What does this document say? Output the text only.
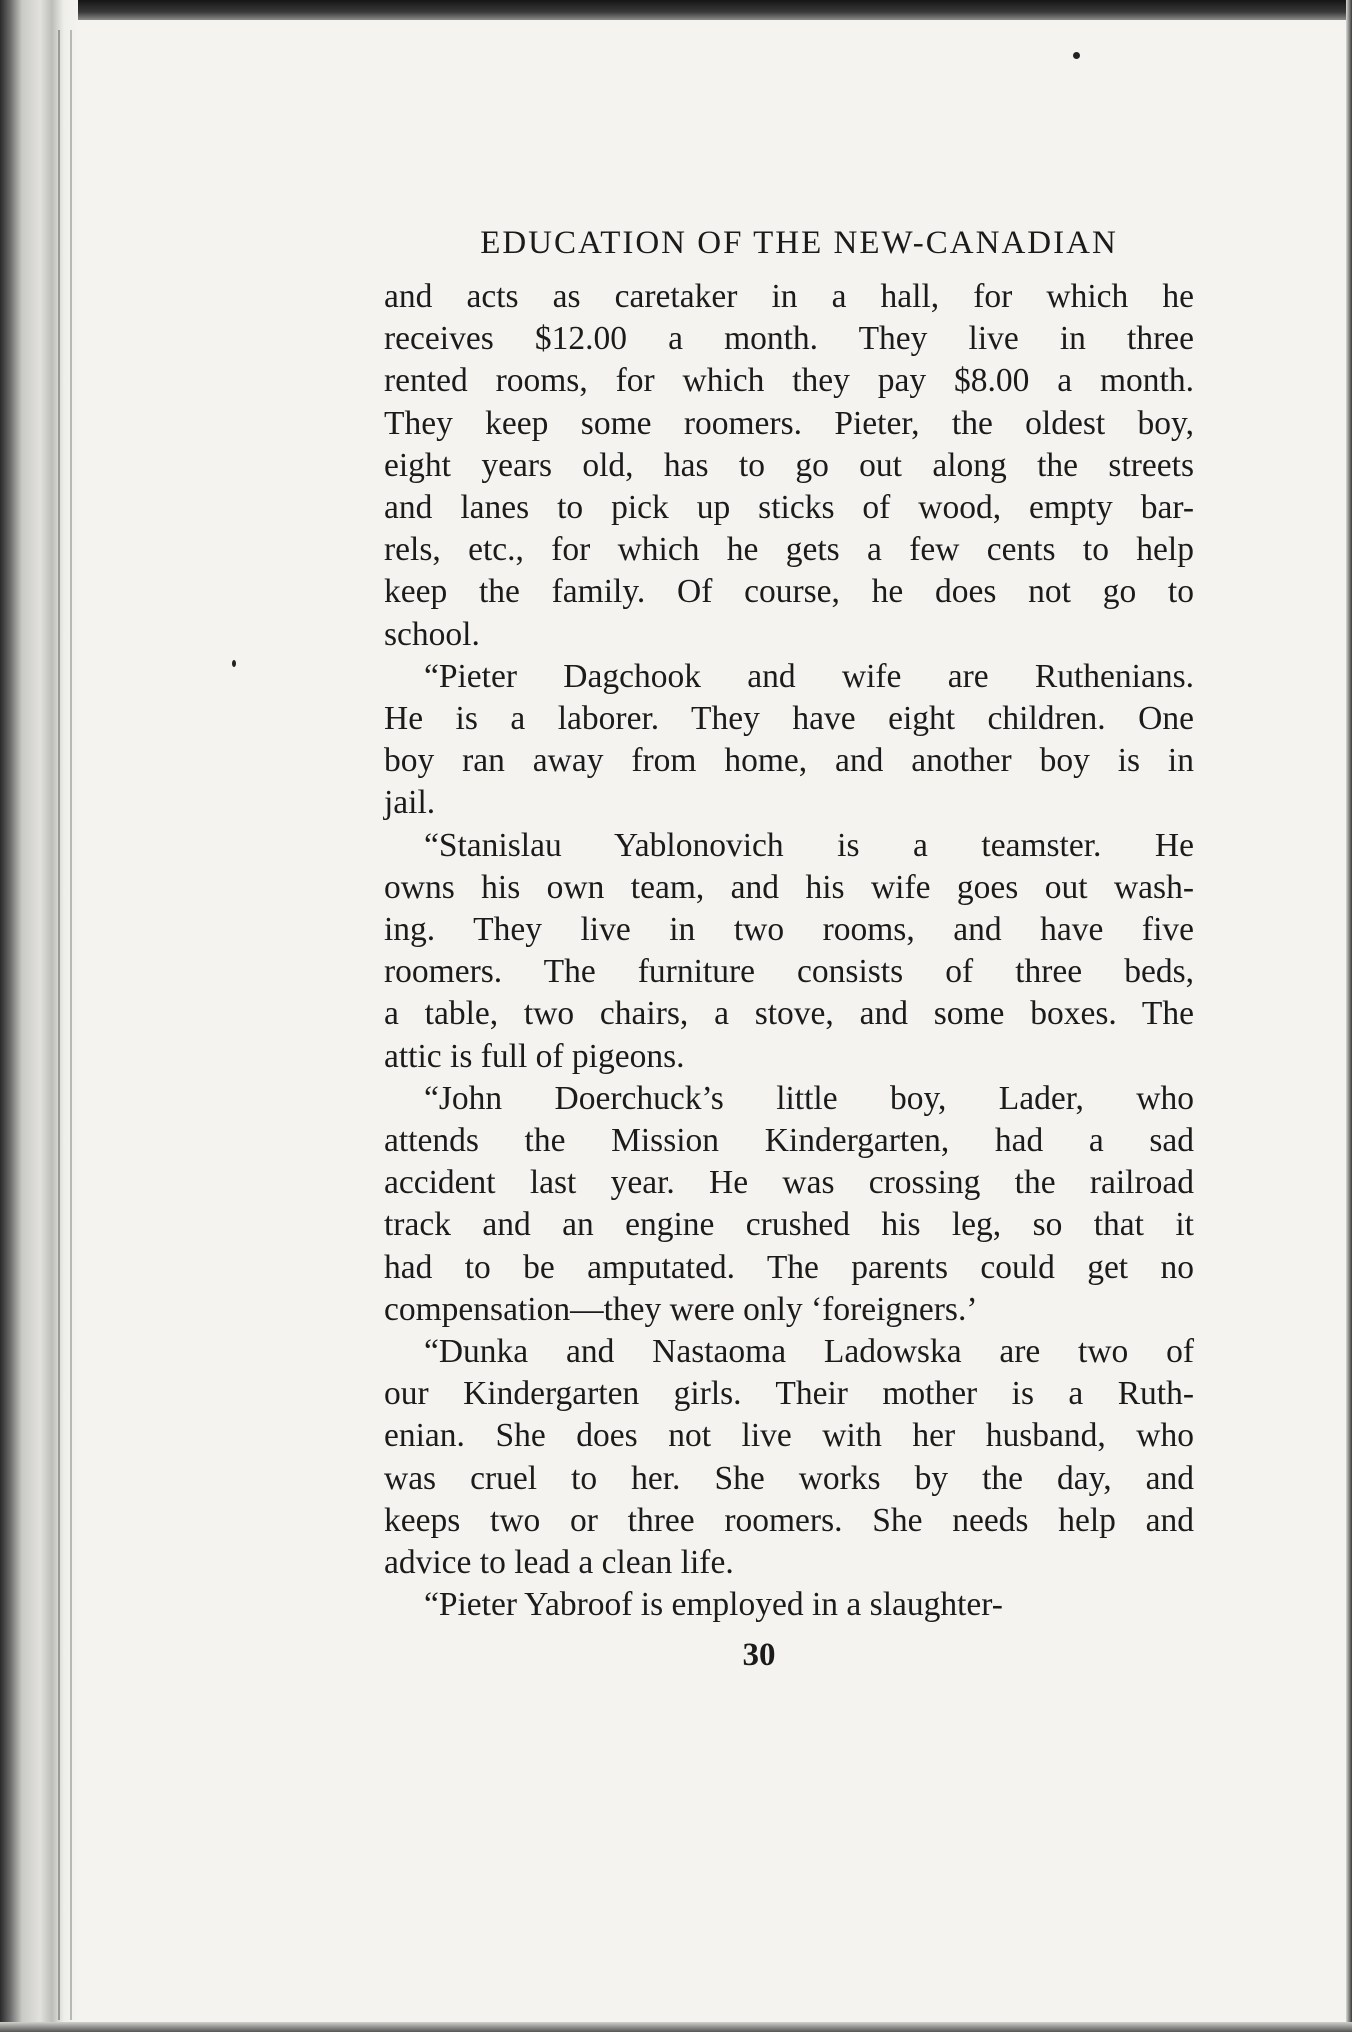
EDUCATION OF THE NEW-CANADIAN

and acts as caretaker in a hall, for which he
receives $12.00 a month. They live in three
rented rooms, for which they pay $8.00 a month.
They keep some roomers. Pieter, the oldest boy,
eight years old, has to go out along the streets
and lanes to pick up sticks of wood, empty bar-
rels, etc., for which he gets a few cents to help
keep the family. Of course, he does not go to
school.

“Pieter Dagchook and wife are Ruthenians.
He is a laborer. They have eight children. One
boy ran away from home, and another boy is in
jail.

“Stanislau Yablonovich is a teamster. He
owns his own team, and his wife goes out wash-
ing. They live in two rooms, and have five
roomers. The furniture consists of three beds,
a table, two chairs, a stove, and some boxes. The
attic is full of pigeons.

“John Doerchuck’s little boy, Lader, who
attends the Mission Kindergarten, had a sad
accident last year. He was crossing the railroad
track and an engine crushed his leg, so that it
had to be amputated. The parents could get no
compensation—they were only ‘foreigners.’

“Dunka and Nastaoma Ladowska are two of
our Kindergarten girls. Their mother is a Ruth-
enian. She does not live with her husband, who
was cruel to her. She works by the day, and
keeps two or three roomers. She needs help and
advice to lead a clean life.

“Pieter Yabroof is employed in a slaughter-

30
